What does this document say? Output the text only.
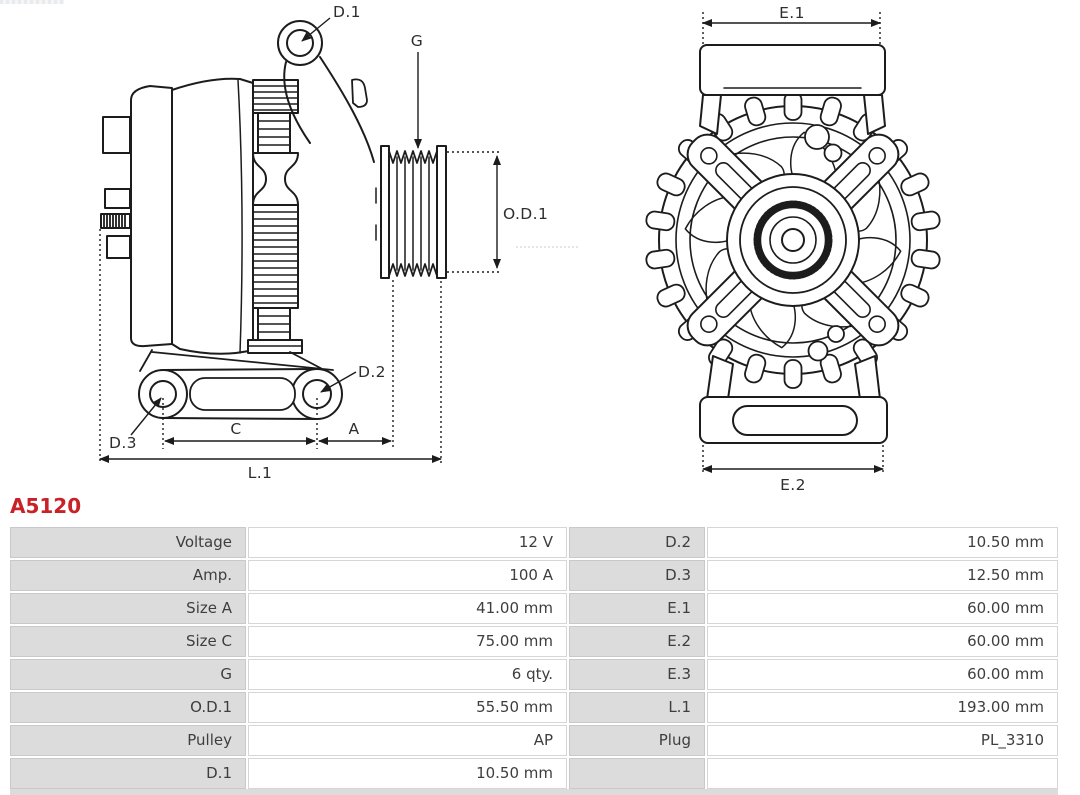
D.1
G
O.D.1
D.2
D.3
C	A
L.1
E.1
E.2
A5120
Voltage	12 V	D.2	10.50 mm
Amp.	100 A	D.3	12.50 mm
Size A	41.00 mm	E.1	60.00 mm
Size C	75.00 mm	E.2	60.00 mm
G	6 qty.	E.3	60.00 mm
O.D.1	55.50 mm	L.1	193.00 mm
Pulley	AP	Plug	PL_3310
D.1	10.50 mm
